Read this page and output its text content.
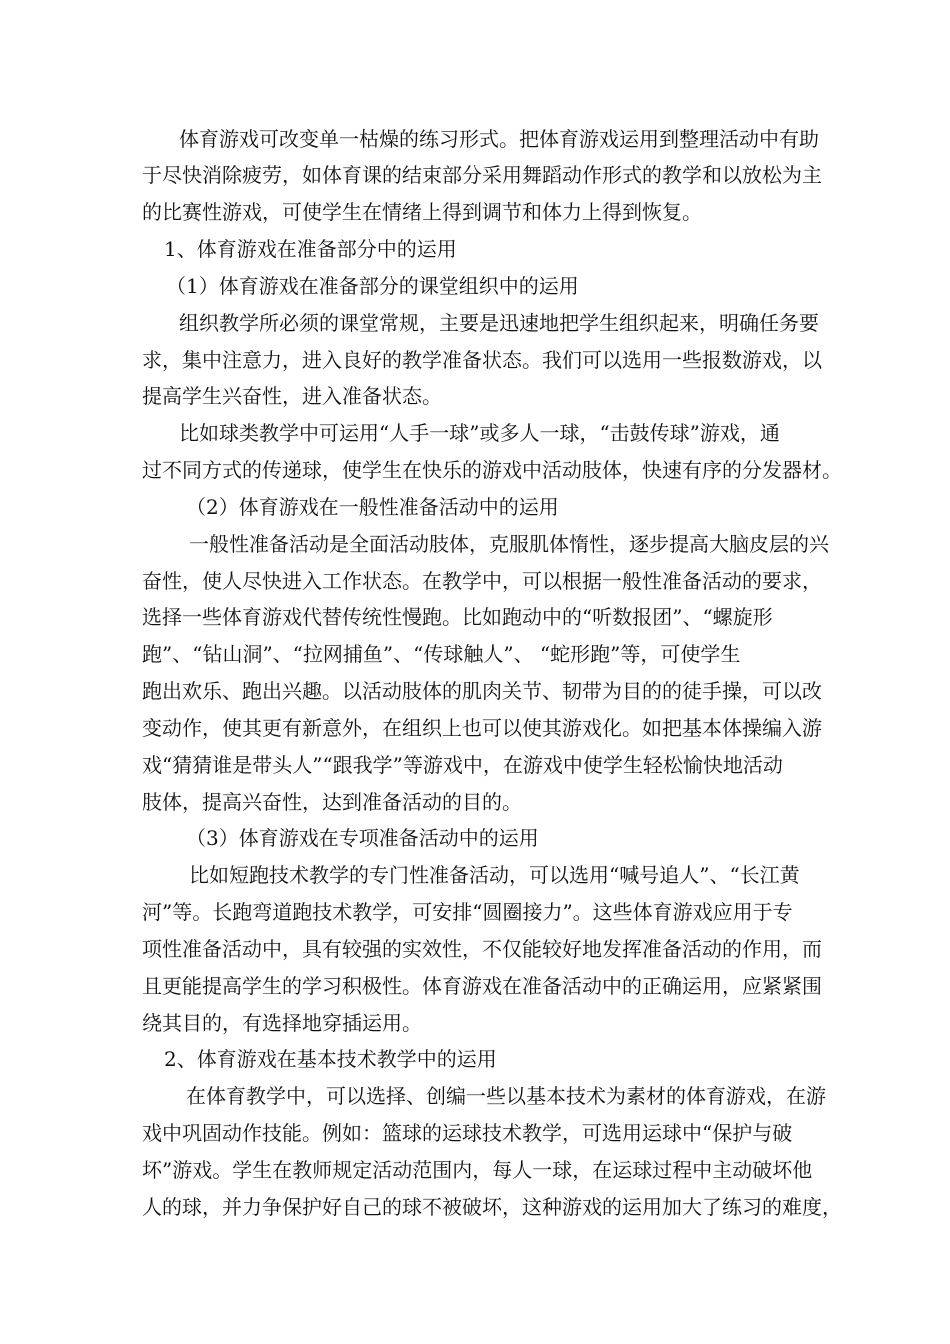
体育游戏可改变单一枯燥的练习形式。把体育游戏运用到整理活动中有助
于尽快消除疲劳，如体育课的结束部分采用舞蹈动作形式的教学和以放松为主
的比赛性游戏，可使学生在情绪上得到调节和体力上得到恢复。
1、体育游戏在准备部分中的运用
（1）体育游戏在准备部分的课堂组织中的运用
组织教学所必须的课堂常规，主要是迅速地把学生组织起来，明确任务要
求，集中注意力，进入良好的教学准备状态。我们可以选用一些报数游戏，以
提高学生兴奋性，进入准备状态。
比如球类教学中可运用“人手一球”或多人一球，“击鼓传球”游戏，通
过不同方式的传递球，使学生在快乐的游戏中活动肢体，快速有序的分发器材。
（2）体育游戏在一般性准备活动中的运用
一般性准备活动是全面活动肢体，克服肌体惰性，逐步提高大脑皮层的兴
奋性，使人尽快进入工作状态。在教学中，可以根据一般性准备活动的要求，
选择一些体育游戏代替传统性慢跑。比如跑动中的“听数报团”、“螺旋形
跑”、“钻山洞”、“拉网捕鱼”、“传球触人”、 “蛇形跑”等，可使学生
跑出欢乐、跑出兴趣。以活动肢体的肌肉关节、韧带为目的的徒手操，可以改
变动作，使其更有新意外，在组织上也可以使其游戏化。如把基本体操编入游
戏“猜猜谁是带头人”“跟我学”等游戏中，在游戏中使学生轻松愉快地活动
肢体，提高兴奋性，达到准备活动的目的。
（3）体育游戏在专项准备活动中的运用
比如短跑技术教学的专门性准备活动，可以选用“喊号追人”、“长江黄
河”等。长跑弯道跑技术教学，可安排“圆圈接力”。这些体育游戏应用于专
项性准备活动中，具有较强的实效性，不仅能较好地发挥准备活动的作用，而
且更能提高学生的学习积极性。体育游戏在准备活动中的正确运用，应紧紧围
绕其目的，有选择地穿插运用。
2、体育游戏在基本技术教学中的运用
在体育教学中，可以选择、创编一些以基本技术为素材的体育游戏，在游
戏中巩固动作技能。例如：篮球的运球技术教学，可选用运球中“保护与破
坏”游戏。学生在教师规定活动范围内，每人一球，在运球过程中主动破坏他
人的球，并力争保护好自己的球不被破坏，这种游戏的运用加大了练习的难度，
